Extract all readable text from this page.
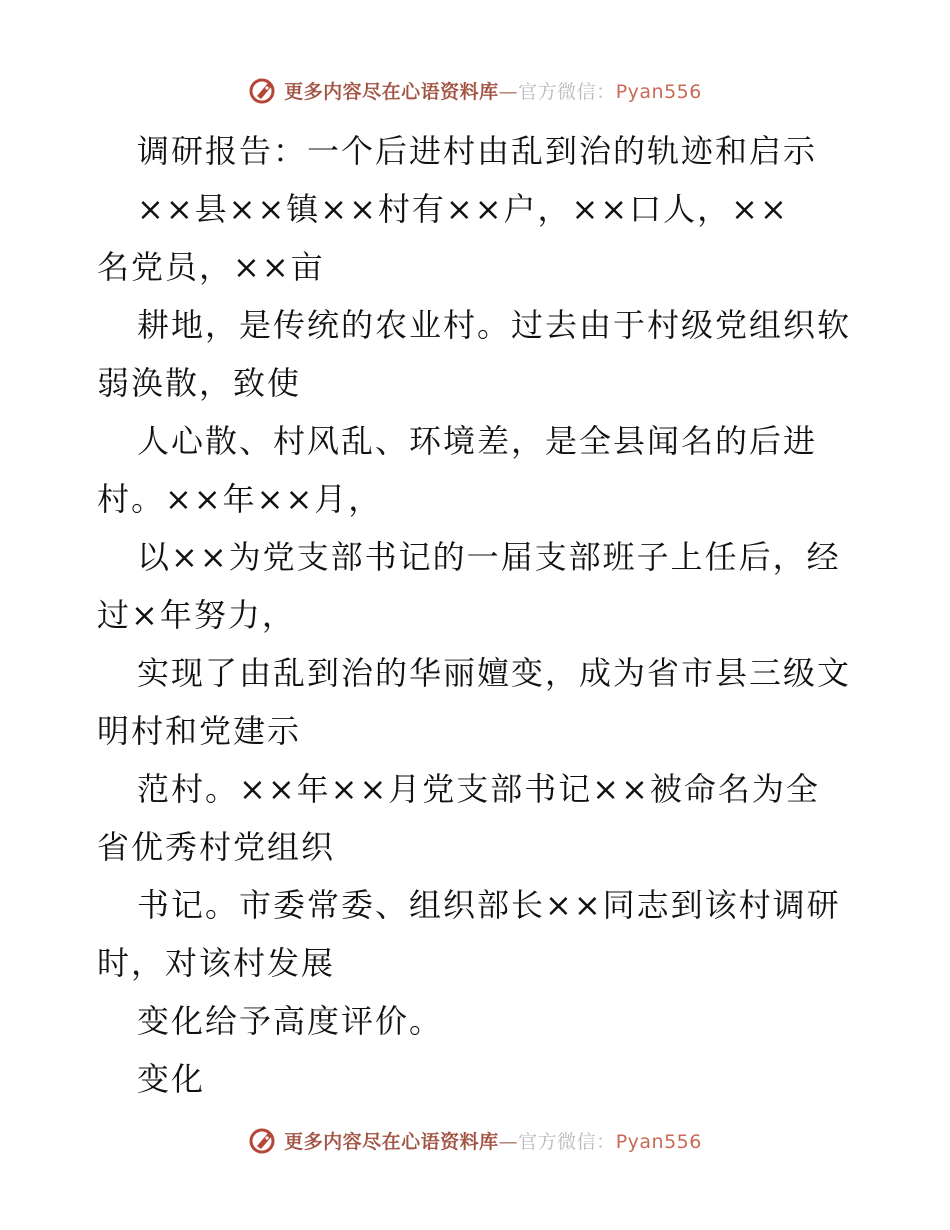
更多内容尽在心语资料库—官方微信：Pyan556
调研报告：一个后进村由乱到治的轨迹和启示
××县××镇××村有××户，××口人，××
名党员，××亩
耕地，是传统的农业村。过去由于村级党组织软
弱涣散，致使
人心散、村风乱、环境差，是全县闻名的后进
村。××年××月，
以××为党支部书记的一届支部班子上任后，经
过×年努力，
实现了由乱到治的华丽嬗变，成为省市县三级文
明村和党建示
范村。××年××月党支部书记××被命名为全
省优秀村党组织
书记。市委常委、组织部长××同志到该村调研
时，对该村发展
变化给予高度评价。
变化
更多内容尽在心语资料库—官方微信：Pyan556
